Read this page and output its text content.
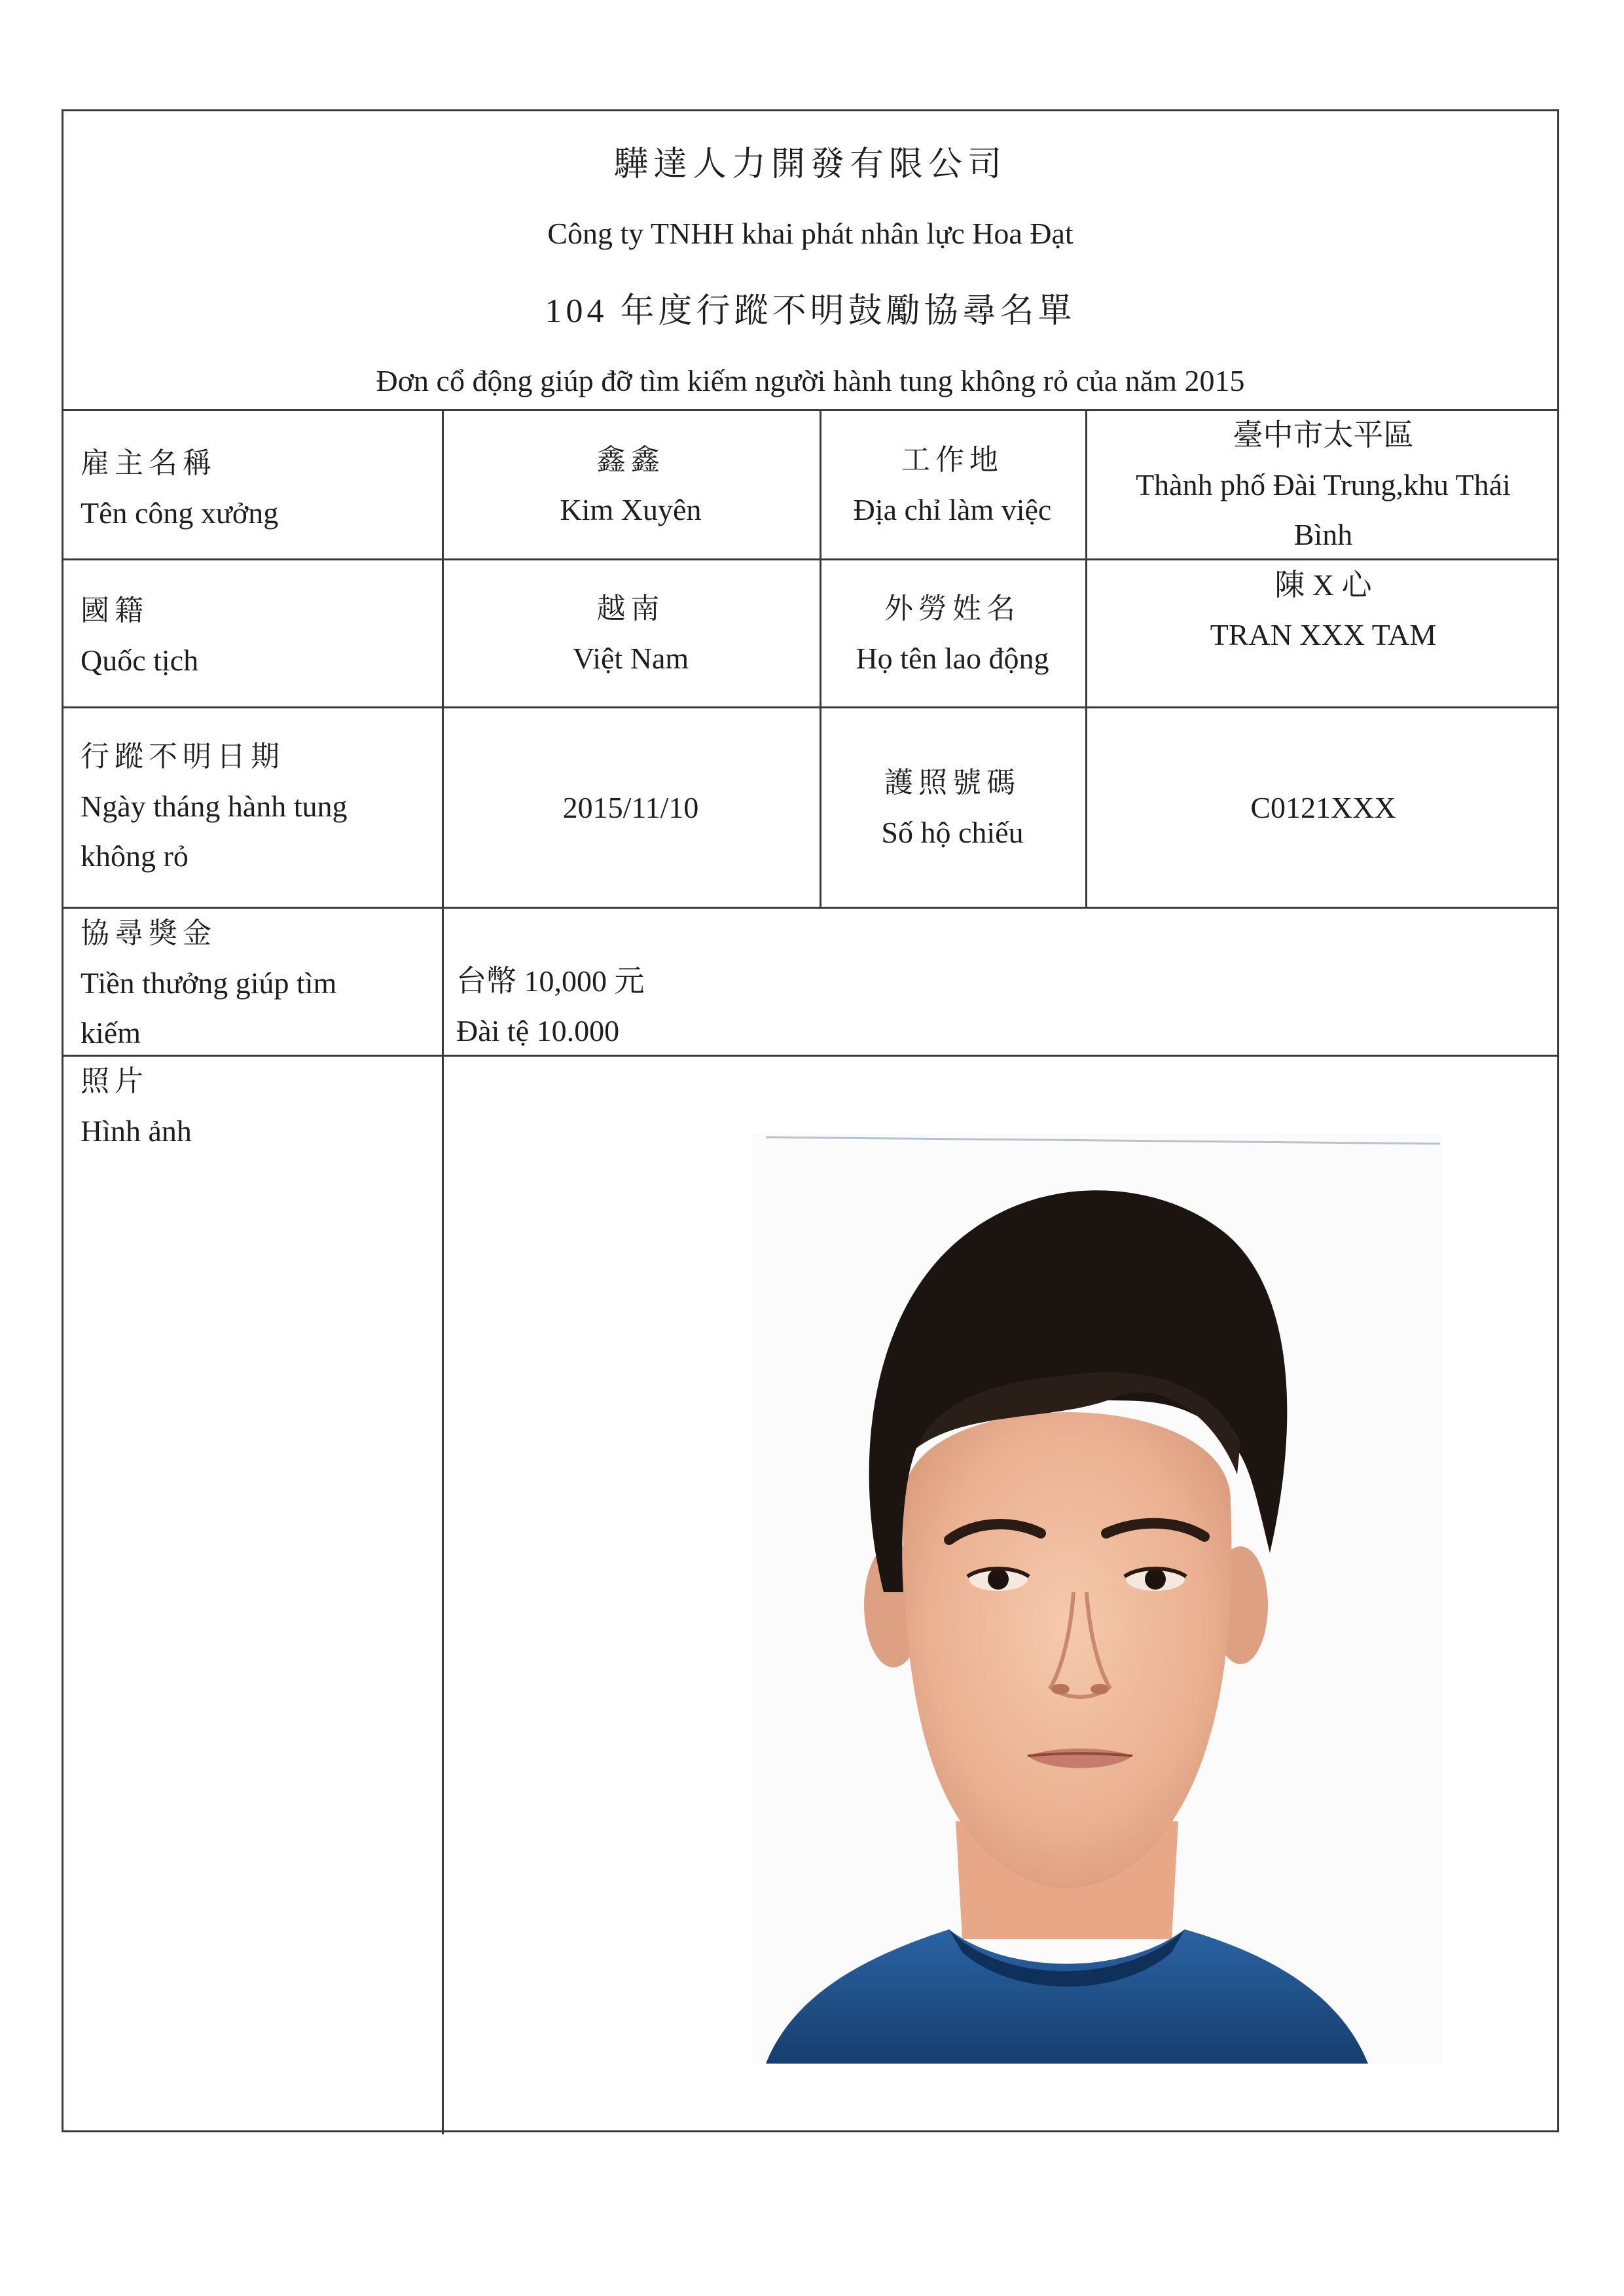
驊達人力開發有限公司
Công ty TNHH khai phát nhân lực Hoa Đạt
104 年度行蹤不明鼓勵協尋名單
Đơn cổ động giúp đỡ tìm kiếm người hành tung không rỏ của năm 2015
雇主名稱
Tên công xưởng
鑫鑫
Kim Xuyên
工作地
Địa chỉ làm việc
臺中市太平區
Thành phố Đài Trung,khu Thái
Bình
國籍
Quốc tịch
越南
Việt Nam
外勞姓名
Họ tên lao động
陳 X 心
TRAN XXX TAM
行蹤不明日期
Ngày tháng hành tung
không rỏ
2015/11/10
護照號碼
Số hộ chiếu
C0121XXX
協尋獎金
Tiền thưởng giúp tìm
kiếm
台幣 10,000 元
Đài tệ 10.000
照片
Hình ảnh
